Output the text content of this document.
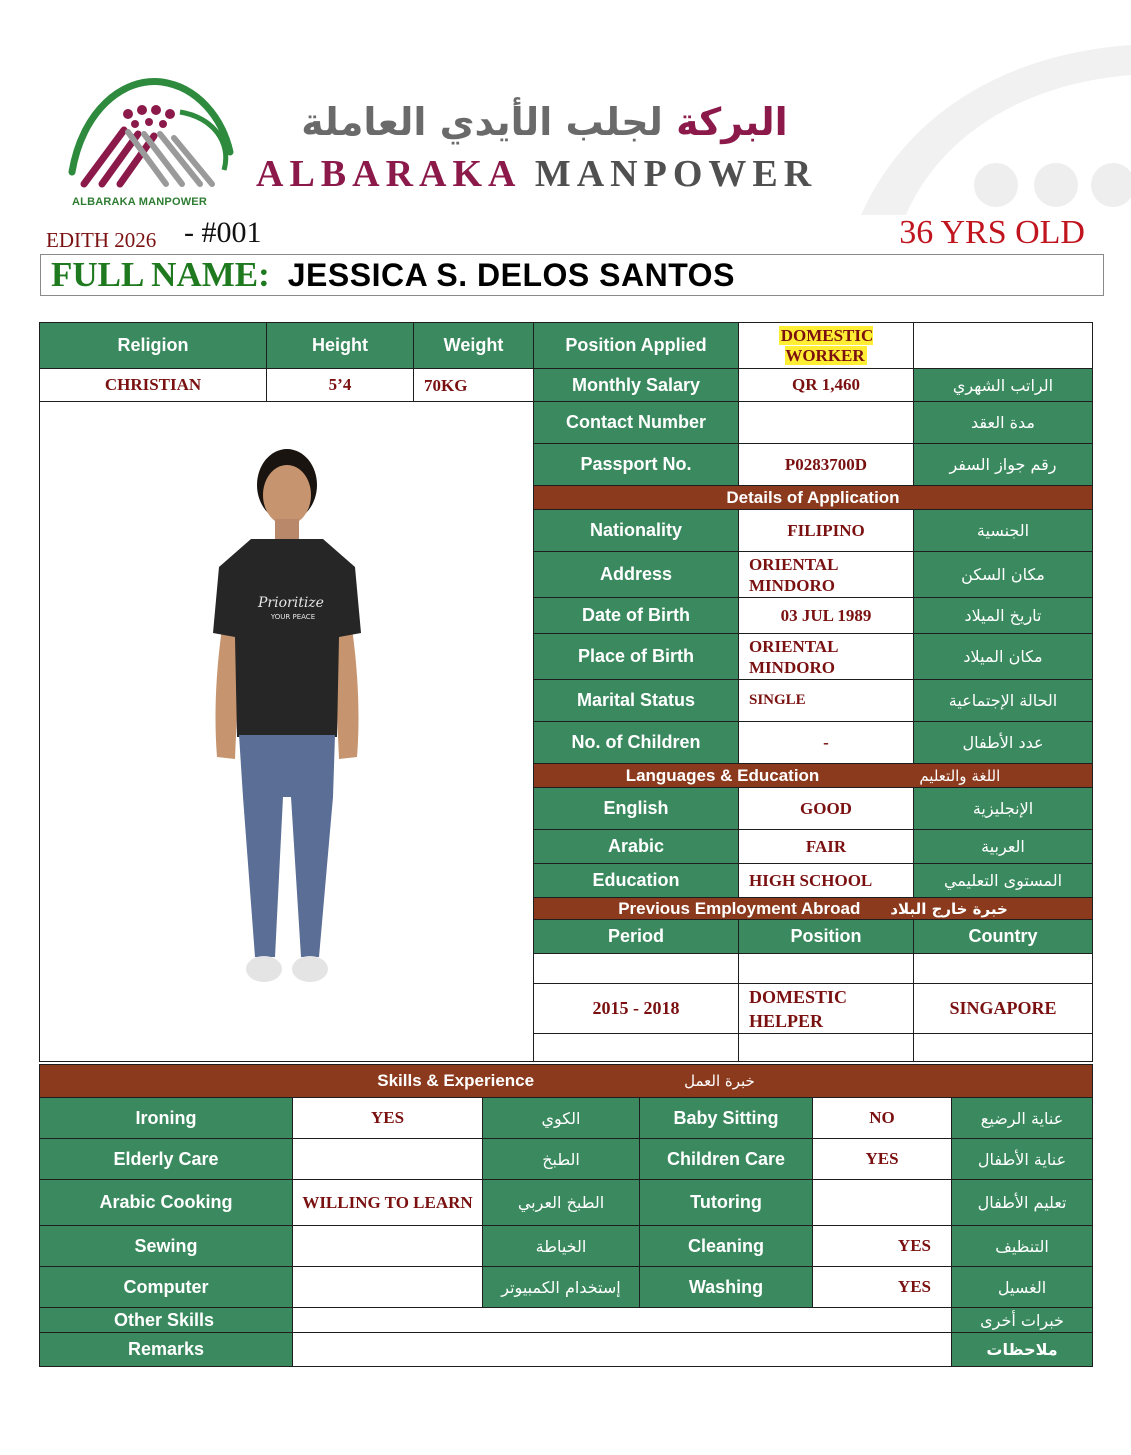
ALBARAKA MANPOWER
البركة لجلب الأيدي العاملة
ALBARAKA MANPOWER
EDITH 2026 - #001	36 YRS OLD
FULL NAME: JESSICA S. DELOS SANTOS
Religion	Height	Weight	Position Applied	DOMESTIC WORKER	
CHRISTIAN	5’4	70KG	Monthly Salary	QR 1,460	الراتب الشهري

Prioritize
YOUR PEACE			Contact Number		مدة العقد
			Passport No.	P0283700D	رقم جواز السفر
			Details of Application		
			Nationality	FILIPINO	الجنسية
			Address	ORIENTAL MINDORO	مكان السكن
			Date of Birth	03 JUL 1989	تاريخ الميلاد
			Place of Birth	ORIENTAL MINDORO	مكان الميلاد
			Marital Status	SINGLE	الحالة الإجتماعية
			No. of Children	-	عدد الأطفال

			Languages & Education اللغة والتعليم		

			English	GOOD	الإنجليزية
			Arabic	FAIR	العربية
			Education	HIGH SCHOOL	المستوى التعليمي

			Previous Employment Abroad خبرة خارج البلاد		

			Period	Position	Country

			2015 - 2018	DOMESTIC HELPER	SINGAPORE

Skills & Experience خبرة العمل					

Ironing	YES	الكوي	Baby Sitting	NO	عناية الرضيع
Elderly Care		الطبخ	Children Care	YES	عناية الأطفال
Arabic Cooking	WILLING TO LEARN	الطبخ العربي	Tutoring		تعليم الأطفال
Sewing		الخياطة	Cleaning	YES	التنظيف
Computer		إستخدام الكمبيوتر	Washing	YES	الغسيل
Other Skills					خبرات أخرى
Remarks					ملاحظات
